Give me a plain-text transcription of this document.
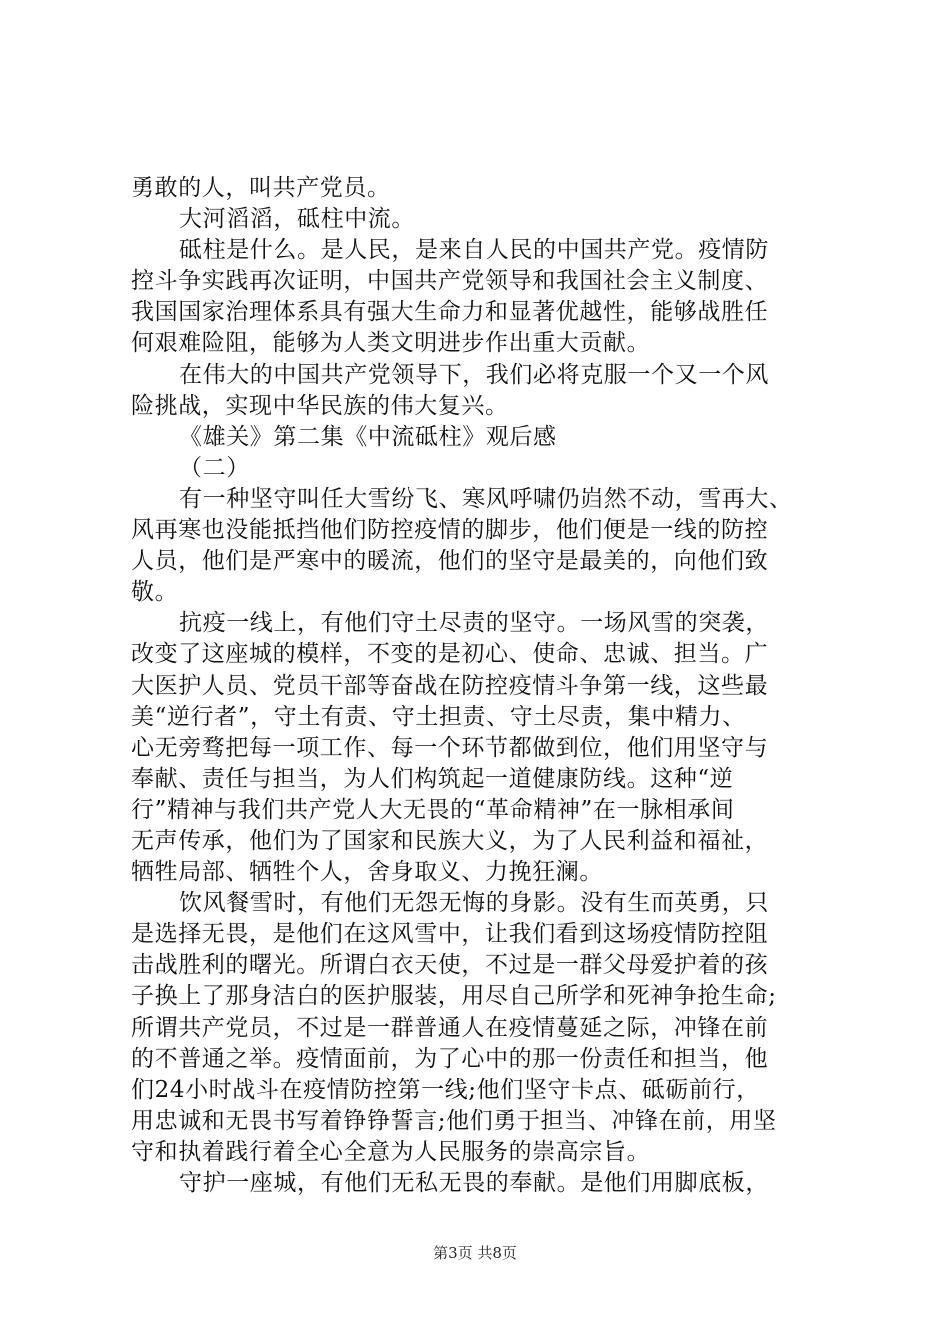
勇敢的人，叫共产党员。
大河滔滔，砥柱中流。
砥柱是什么。是人民，是来自人民的中国共产党。疫情防
控斗争实践再次证明，中国共产党领导和我国社会主义制度、
我国国家治理体系具有强大生命力和显著优越性，能够战胜任
何艰难险阻，能够为人类文明进步作出重大贡献。
在伟大的中国共产党领导下，我们必将克服一个又一个风
险挑战，实现中华民族的伟大复兴。
《雄关》第二集《中流砥柱》观后感
（二）
有一种坚守叫任大雪纷飞、寒风呼啸仍岿然不动，雪再大、
风再寒也没能抵挡他们防控疫情的脚步，他们便是一线的防控
人员，他们是严寒中的暖流，他们的坚守是最美的，向他们致
敬。
抗疫一线上，有他们守土尽责的坚守。一场风雪的突袭，
改变了这座城的模样，不变的是初心、使命、忠诚、担当。广
大医护人员、党员干部等奋战在防控疫情斗争第一线，这些最
美“逆行者”，守土有责、守土担责、守土尽责，集中精力、
心无旁骛把每一项工作、每一个环节都做到位，他们用坚守与
奉献、责任与担当，为人们构筑起一道健康防线。这种“逆
行”精神与我们共产党人大无畏的“革命精神”在一脉相承间
无声传承，他们为了国家和民族大义，为了人民利益和福祉，
牺牲局部、牺牲个人，舍身取义、力挽狂澜。
饮风餐雪时，有他们无怨无悔的身影。没有生而英勇，只
是选择无畏，是他们在这风雪中，让我们看到这场疫情防控阻
击战胜利的曙光。所谓白衣天使，不过是一群父母爱护着的孩
子换上了那身洁白的医护服装，用尽自己所学和死神争抢生命;
所谓共产党员，不过是一群普通人在疫情蔓延之际，冲锋在前
的不普通之举。疫情面前，为了心中的那一份责任和担当，他
们24小时战斗在疫情防控第一线;他们坚守卡点、砥砺前行，
用忠诚和无畏书写着铮铮誓言;他们勇于担当、冲锋在前，用坚
守和执着践行着全心全意为人民服务的崇高宗旨。
守护一座城，有他们无私无畏的奉献。是他们用脚底板，
第3页 共8页
